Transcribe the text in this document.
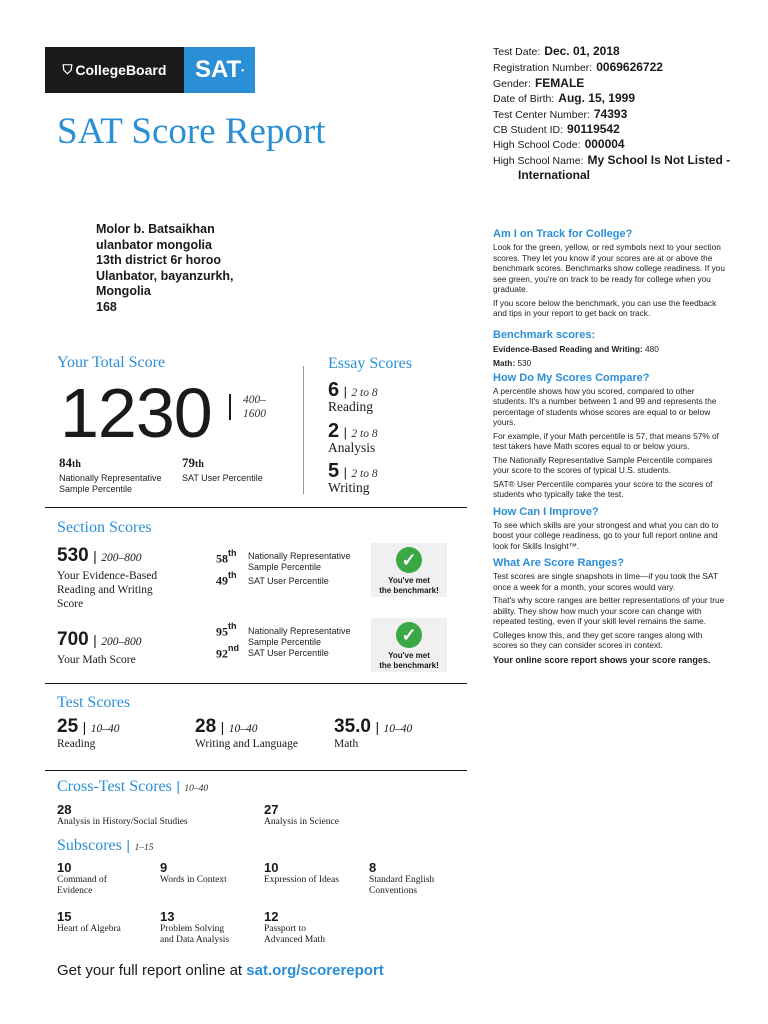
⛉ CollegeBoard SAT •
SAT Score Report
Test Date: Dec. 01, 2018
Registration Number: 0069626722
Gender: FEMALE
Date of Birth: Aug. 15, 1999
Test Center Number: 74393
CB Student ID: 90119542
High School Code: 000004
High School Name: My School Is Not Listed -
International
Molor b. Batsaikhan
ulanbator mongolia
13th district 6r horoo
Ulanbator, bayanzurkh,
Mongolia
168
Your Total Score
1230	400–
1600
84th
Nationally Representative
Sample Percentile
79th
SAT User Percentile
Essay Scores
6 | 2 to 8
Reading
2 | 2 to 8
Analysis
5 | 2 to 8
Writing
Section Scores
530 | 200–800
Your Evidence-Based
Reading and Writing
Score
58th Nationally Representative
Sample Percentile
49th
SAT User Percentile
✓
You've met
the benchmark!
700 | 200–800
Your Math Score
95th Nationally Representative
Sample Percentile
92nd SAT User Percentile
✓
You've met
the benchmark!
Test Scores
25 | 10–40
Reading
28 | 10–40
Writing and Language
35.0 | 10–40
Math
Cross-Test Scores | 10–40
28
Analysis in History/Social Studies
27
Analysis in Science
Subscores | 1–15
10
Command of
Evidence
9
Words in Context
10
Expression of Ideas
8
Standard English
Conventions
15
Heart of Algebra
13
Problem Solving
and Data Analysis
12
Passport to
Advanced Math
Get your full report online at sat.org/scorereport
Am I on Track for College?
Look for the green, yellow, or red symbols next to your section scores. They let you know if your scores are at or above the benchmark scores. Benchmarks show college readiness. If you see green, you're on track to be ready for college when you graduate.
If you score below the benchmark, you can use the feedback and tips in your report to get back on track.
Benchmark scores:
Evidence-Based Reading and Writing: 480
Math: 530
How Do My Scores Compare?
A percentile shows how you scored, compared to other students. It's a number between 1 and 99 and represents the percentage of students whose scores are equal to or below yours.
For example, if your Math percentile is 57, that means 57% of test takers have Math scores equal to or below yours.
The Nationally Representative Sample Percentile compares your score to the scores of typical U.S. students.
SAT® User Percentile compares your score to the scores of students who typically take the test.
How Can I Improve?
To see which skills are your strongest and what you can do to boost your college readiness, go to your full report online and look for Skills Insight™.
What Are Score Ranges?
Test scores are single snapshots in time—if you took the SAT once a week for a month, your scores would vary.
That's why score ranges are better representations of your true ability. They show how much your score can change with repeated testing, even if your skill level remains the same.
Colleges know this, and they get score ranges along with scores so they can consider scores in context.
Your online score report shows your score ranges.
